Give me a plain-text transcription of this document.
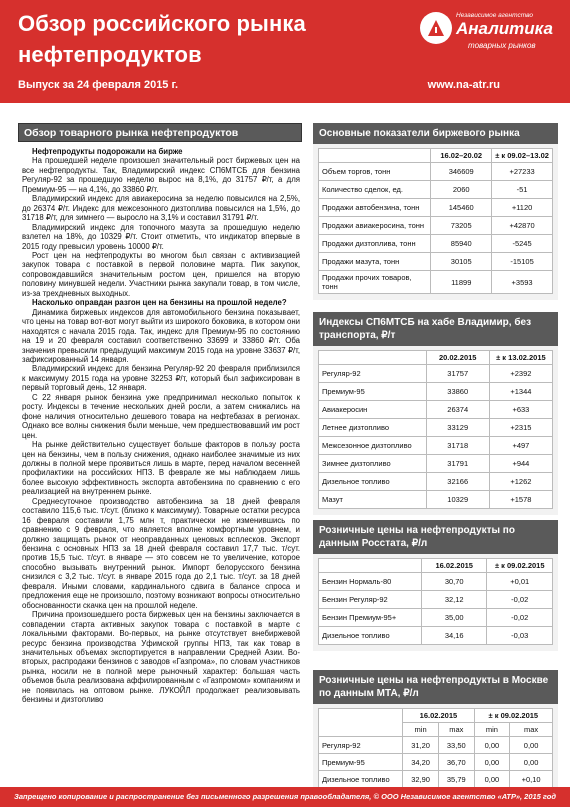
Обзор российского рынка
нефтепродуктов
Выпуск за 24 февраля 2015 г.	www.na-atr.ru
Независимое агентство
Аналитика
товарных рынков
Обзор товарного рынка нефтепродуктов

Нефтепродукты подорожали на бирже

На прошедшей неделе произошел значительный рост биржевых цен на все нефтепродукты. Так, Владимирский индекс СП6МТСБ для бензина Регуляр-92 за прошедшую неделю вырос на 8,1%, до 31757 ₽/т, а для Премиум-95 — на 4,1%, до 33860 ₽/т.

Владимирский индекс для авиакеросина за неделю повысился на 2,5%, до 26374 ₽/т. Индекс для межсезонного дизтоплива повысился на 1,5%, до 31718 ₽/т, для зимнего — выросло на 3,1% и составил 31791 ₽/т.

Владимирский индекс для топочного мазута за прошедшую неделю взлетел на 18%, до 10329 ₽/т. Стоит отметить, что индикатор впервые в 2015 году превысил уровень 10000 ₽/т.

Рост цен на нефтепродукты во многом был связан с активизацией закупок товара с поставкой в первой половине марта. Пик закупок, сопровождавшийся значительным ростом цен, пришелся на вторую половину минувшей недели. Участники рынка закупали товар, в том числе, из-за трехдневных выходных.

Насколько оправдан разгон цен на бензины на прошлой неделе?

Динамика биржевых индексов для автомобильного бензина показывает, что цены на товар вот-вот могут выйти из широкого боковика, в котором они находятся с начала 2015 года. Так, индекс для Премиум-95 по состоянию на 19 и 20 февраля составил соответственно 33699 и 33860 ₽/т. Оба значения превысили предыдущий максимум 2015 года на уровне 33637 ₽/т, зафиксированный 14 января.

Владимирский индекс для бензина Регуляр-92 20 февраля приблизился к максимуму 2015 года на уровне 32253 ₽/т, который был зафиксирован в первый торговый день, 12 января.

С 22 января рынок бензина уже предпринимал несколько попыток к росту. Индексы в течение нескольких дней росли, а затем снижались на фоне наличия относительно дешевого товара на нефтебазах в регионах. Однако все волны снижения были меньше, чем предшествовавший им рост цен.

На рынке действительно существует больше факторов в пользу роста цен на бензины, чем в пользу снижения, однако наиболее значимые из них должны в полной мере проявиться лишь в марте, перед началом весенней профилактики на российских НПЗ. В феврале же мы наблюдаем лишь более высокую эффективность экспорта автобензина по сравнению с его реализацией на внутреннем рынке.

Среднесуточное производство автобензина за 18 дней февраля составило 115,6 тыс. т/сут. (близко к максимуму). Товарные остатки ресурса 16 февраля составили 1,75 млн т, практически не изменившись по сравнению с 9 февраля, что является вполне комфортным уровнем, и должно защищать рынок от неоправданных ценовых всплесков. Экспорт бензина с основных НПЗ за 18 дней февраля составил 17,7 тыс. т/сут. против 15,5 тыс. т/сут. в январе — это совсем не то увеличение, которое способно вызывать внутренний рынок. Импорт белорусского бензина снизился с 3,2 тыс. т/сут. в январе 2015 года до 2,1 тыс. т/сут. за 18 дней февраля. Иными словами, кардинального сдвига в балансе спроса и предложения еще не произошло, поэтому возникают вопросы относительно обоснованности скачка цен на прошлой неделе.

Причина произошедшего роста биржевых цен на бензины заключается в совпадении старта активных закупок товара с поставкой в марте с локальными факторами. Во-первых, на рынке отсутствует внебиржевой ресурс бензина производства Уфимской группы НПЗ, так как товар в значительных объемах экспортируется в направлении Средней Азии. Во-вторых, распродажи бензинов с заводов «Газпрома», по словам участников рынка, носили не в полной мере рыночный характер: большая часть объемов была реализована аффилированным с «Газпромом» компаниям и не появилась на оптовом рынке. ЛУКОЙЛ продолжает реализовывать бензины и дизтопливо

Основные показатели биржевого рынка
	16.02–20.02	± к 09.02–13.02
Объем торгов, тонн	346609	+27233
Количество сделок, ед.	2060	-51
Продажи автобензина, тонн	145460	+1120
Продажи авиакеросина, тонн	73205	+42870
Продажи дизтоплива, тонн	85940	-5245
Продажи мазута, тонн	30105	-15105
Продажи прочих товаров, тонн	11899	+3593
Индексы СП6МТСБ на хабе Владимир, без транспорта, ₽/т
	20.02.2015	± к 13.02.2015
Регуляр-92	31757	+2392
Премиум-95	33860	+1344
Авиакеросин	26374	+633
Летнее дизтопливо	33129	+2315
Межсезонное дизтопливо	31718	+497
Зимнее дизтопливо	31791	+944
Дизельное топливо	32166	+1262
Мазут	10329	+1578
Розничные цены на нефтепродукты по данным Росстата, ₽/л
	16.02.2015	± к 09.02.2015
Бензин Нормаль-80	30,70	+0,01
Бензин Регуляр-92	32,12	-0,02
Бензин Премиум-95+	35,00	-0,02
Дизельное топливо	34,16	-0,03
Розничные цены на нефтепродукты в Москве по данным МТА, ₽/л
	16.02.2015		± к 09.02.2015	
	min	max	min	max
Регуляр-92	31,20	33,50	0,00	0,00
Премиум-95	34,20	36,70	0,00	0,00
Дизельное топливо	32,90	35,79	0,00	+0,10
Запрещено копирование и распространение без письменного разрешения правообладателя, © ООО Независимое агентство «АТР», 2015 год
